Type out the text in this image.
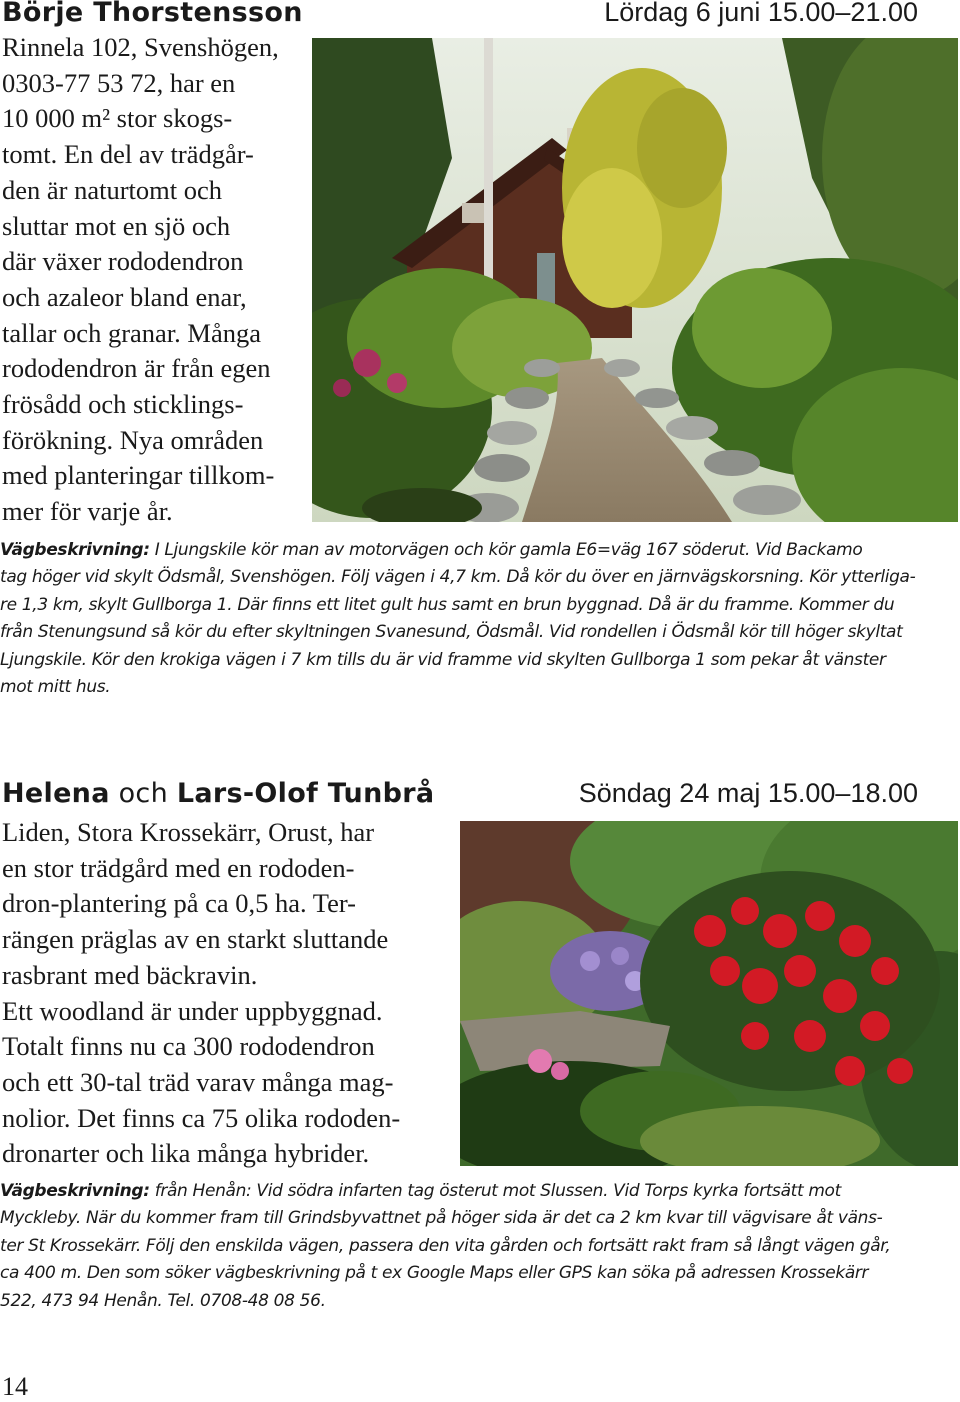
Börje Thorstensson	Lördag 6 juni 15.00–21.00

Rinnela 102, Svenshögen,
0303-77 53 72, har en
10 000 m² stor skogs-
tomt. En del av trädgår-
den är naturtomt och
sluttar mot en sjö och
där växer rododendron
och azaleor bland enar,
tallar och granar. Många
rododendron är från egen
frösådd och sticklings-
förökning. Nya områden
med planteringar tillkom-
mer för varje år.

Vägbeskrivning: I Ljungskile kör man av motorvägen och kör gamla E6=väg 167 söderut. Vid Backamo
tag höger vid skylt Ödsmål, Svenshögen. Följ vägen i 4,7 km. Då kör du över en järnvägskorsning. Kör ytterliga-
re 1,3 km, skylt Gullborga 1. Där finns ett litet gult hus samt en brun byggnad. Då är du framme. Kommer du
från Stenungsund så kör du efter skyltningen Svanesund, Ödsmål. Vid rondellen i Ödsmål kör till höger skyltat
Ljungskile. Kör den krokiga vägen i 7 km tills du är vid framme vid skylten Gullborga 1 som pekar åt vänster
mot mitt hus.
Helena och Lars-Olof Tunbrå	Söndag 24 maj 15.00–18.00

Liden, Stora Krossekärr, Orust, har
en stor trädgård med en rododen-
dron-plantering på ca 0,5 ha. Ter-
rängen präglas av en starkt sluttande
rasbrant med bäckravin.
Ett woodland är under uppbyggnad.
Totalt finns nu ca 300 rododendron
och ett 30-tal träd varav många mag-
nolior. Det finns ca 75 olika rododen-
dronarter och lika många hybrider.

Vägbeskrivning: från Henån: Vid södra infarten tag österut mot Slussen. Vid Torps kyrka fortsätt mot
Myckleby. När du kommer fram till Grindsbyvattnet på höger sida är det ca 2 km kvar till vägvisare åt väns-
ter St Krossekärr. Följ den enskilda vägen, passera den vita gården och fortsätt rakt fram så långt vägen går,
ca 400 m. Den som söker vägbeskrivning på t ex Google Maps eller GPS kan söka på adressen Krossekärr
522, 473 94 Henån. Tel. 0708-48 08 56.
14
